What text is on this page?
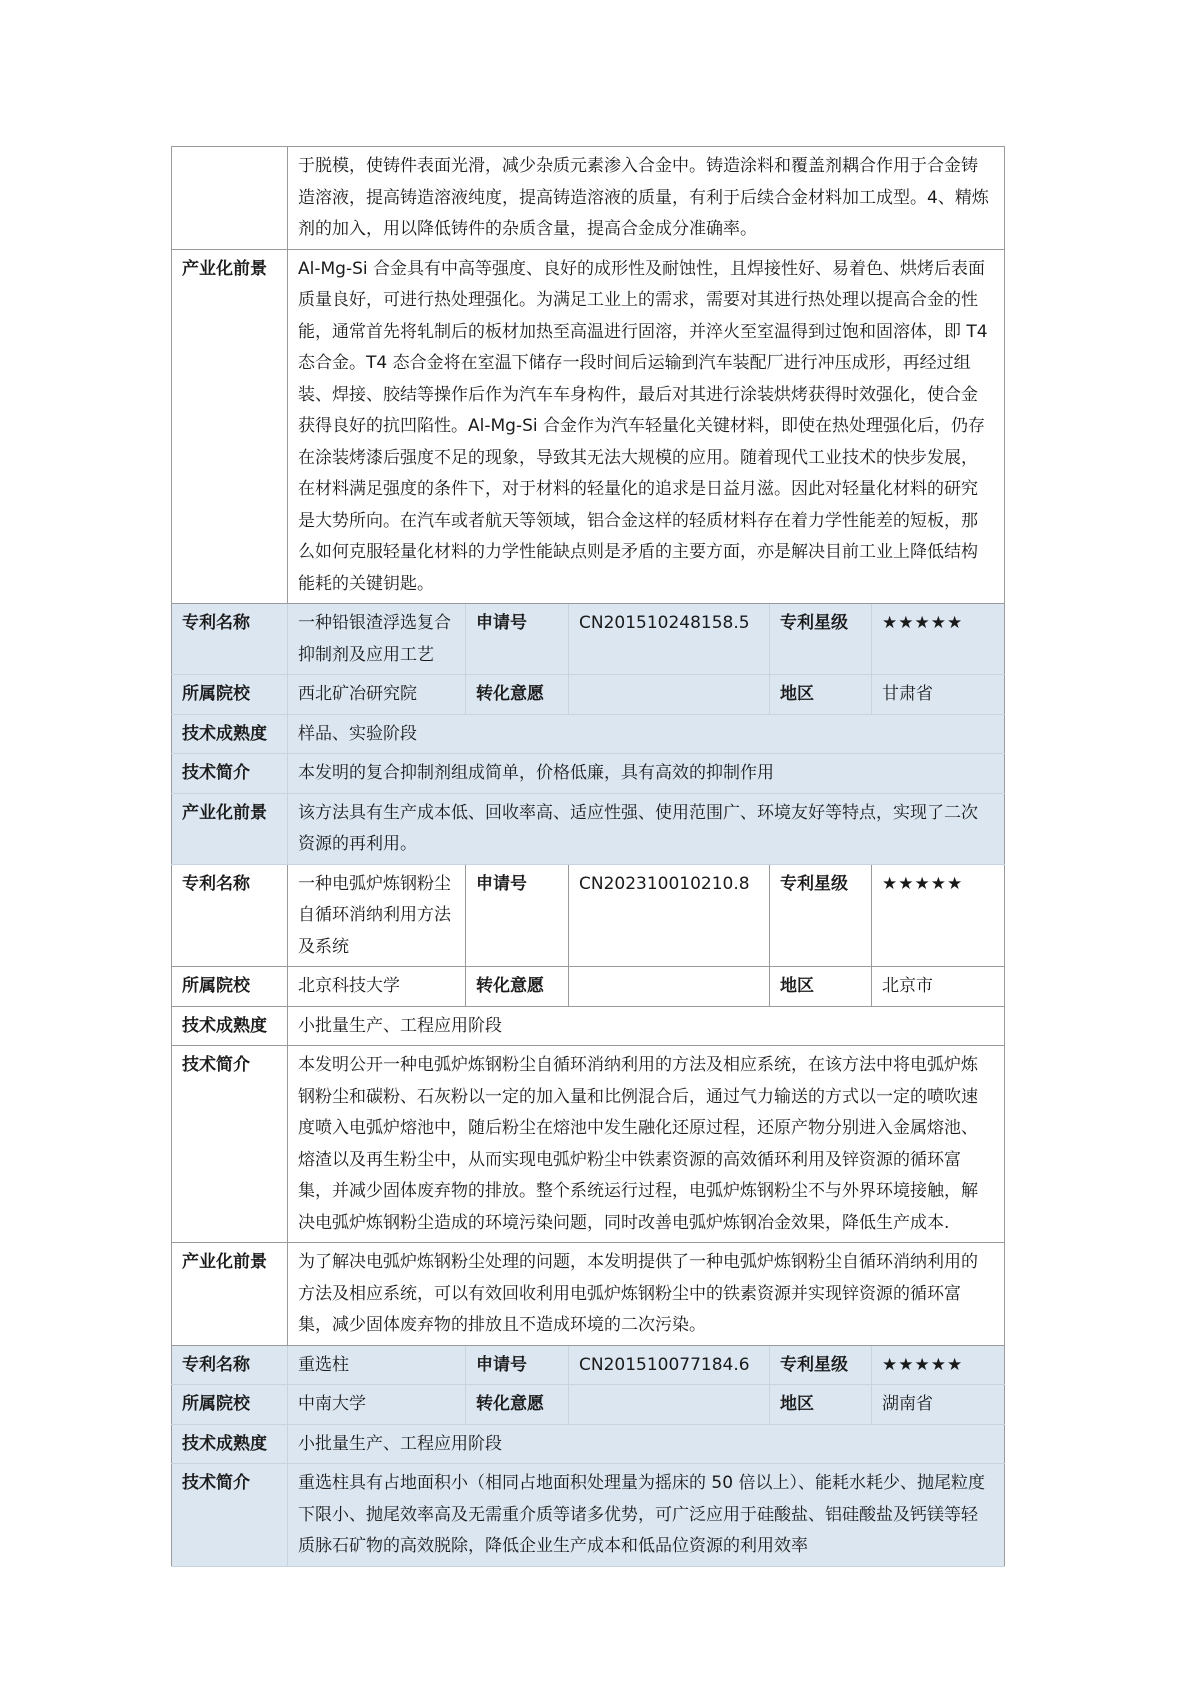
	于脱模，使铸件表面光滑，减少杂质元素渗入合金中。铸造涂料和覆盖剂耦合作用于合金铸造溶液，提高铸造溶液纯度，提高铸造溶液的质量，有利于后续合金材料加工成型。4、精炼剂的加入，用以降低铸件的杂质含量，提高合金成分准确率。				
产业化前景	Al-Mg-Si 合金具有中高等强度、良好的成形性及耐蚀性，且焊接性好、易着色、烘烤后表面质量良好，可进行热处理强化。为满足工业上的需求，需要对其进行热处理以提高合金的性能，通常首先将轧制后的板材加热至高温进行固溶，并淬火至室温得到过饱和固溶体，即 T4 态合金。T4 态合金将在室温下储存一段时间后运输到汽车装配厂进行冲压成形，再经过组装、焊接、胶结等操作后作为汽车车身构件，最后对其进行涂装烘烤获得时效强化，使合金获得良好的抗凹陷性。Al-Mg-Si 合金作为汽车轻量化关键材料，即使在热处理强化后，仍存在涂装烤漆后强度不足的现象，导致其无法大规模的应用。随着现代工业技术的快步发展，在材料满足强度的条件下，对于材料的轻量化的追求是日益月滋。因此对轻量化材料的研究是大势所向。在汽车或者航天等领域，铝合金这样的轻质材料存在着力学性能差的短板，那么如何克服轻量化材料的力学性能缺点则是矛盾的主要方面，亦是解决目前工业上降低结构能耗的关键钥匙。				
专利名称	一种铅银渣浮选复合抑制剂及应用工艺	申请号	CN201510248158.5	专利星级	★★★★★
所属院校	西北矿冶研究院	转化意愿		地区	甘肃省
技术成熟度	样品、实验阶段				
技术简介	本发明的复合抑制剂组成简单，价格低廉，具有高效的抑制作用				
产业化前景	该方法具有生产成本低、回收率高、适应性强、使用范围广、环境友好等特点，实现了二次资源的再利用。				
专利名称	一种电弧炉炼钢粉尘自循环消纳利用方法及系统	申请号	CN202310010210.8	专利星级	★★★★★
所属院校	北京科技大学	转化意愿		地区	北京市
技术成熟度	小批量生产、工程应用阶段				
技术简介	本发明公开一种电弧炉炼钢粉尘自循环消纳利用的方法及相应系统，在该方法中将电弧炉炼钢粉尘和碳粉、石灰粉以一定的加入量和比例混合后，通过气力输送的方式以一定的喷吹速度喷入电弧炉熔池中，随后粉尘在熔池中发生融化还原过程，还原产物分别进入金属熔池、熔渣以及再生粉尘中，从而实现电弧炉粉尘中铁素资源的高效循环利用及锌资源的循环富集，并减少固体废弃物的排放。整个系统运行过程，电弧炉炼钢粉尘不与外界环境接触，解决电弧炉炼钢粉尘造成的环境污染问题，同时改善电弧炉炼钢冶金效果，降低生产成本.				
产业化前景	为了解决电弧炉炼钢粉尘处理的问题，本发明提供了一种电弧炉炼钢粉尘自循环消纳利用的方法及相应系统，可以有效回收利用电弧炉炼钢粉尘中的铁素资源并实现锌资源的循环富集，减少固体废弃物的排放且不造成环境的二次污染。				
专利名称	重选柱	申请号	CN201510077184.6	专利星级	★★★★★
所属院校	中南大学	转化意愿		地区	湖南省
技术成熟度	小批量生产、工程应用阶段				
技术简介	重选柱具有占地面积小（相同占地面积处理量为摇床的 50 倍以上）、能耗水耗少、抛尾粒度下限小、抛尾效率高及无需重介质等诸多优势，可广泛应用于硅酸盐、铝硅酸盐及钙镁等轻质脉石矿物的高效脱除，降低企业生产成本和低品位资源的利用效率				
